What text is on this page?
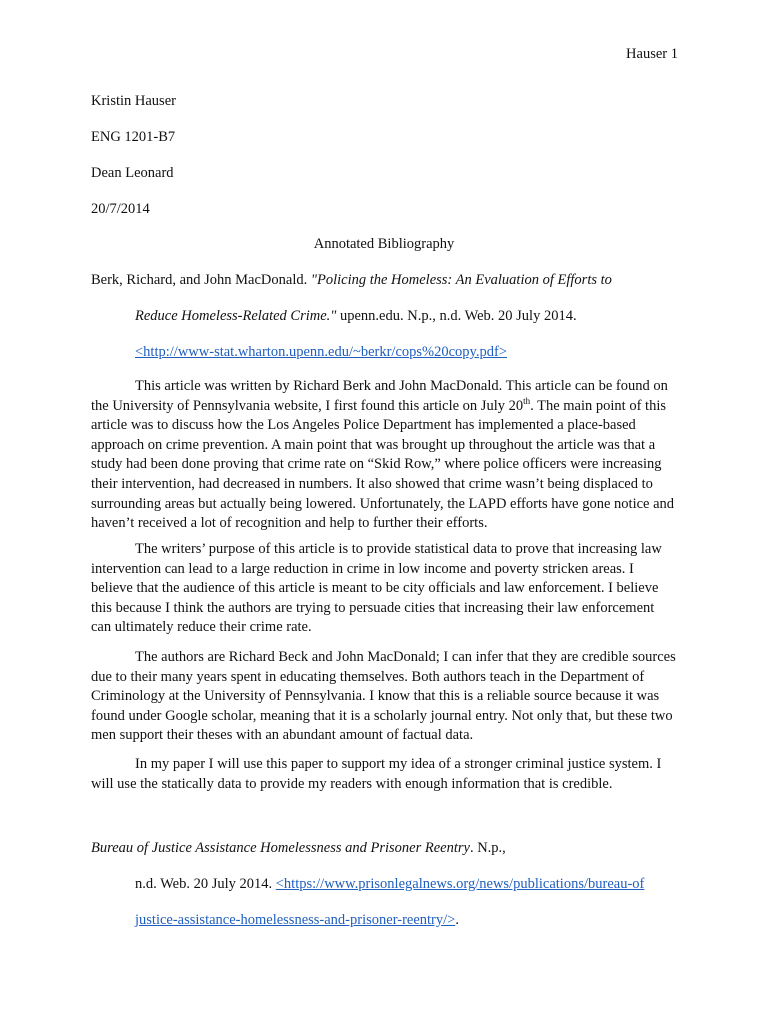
Hauser 1
Kristin Hauser
ENG 1201-B7
Dean Leonard
20/7/2014
Annotated Bibliography
Berk, Richard, and John MacDonald. "Policing the Homeless: An Evaluation of Efforts to
Reduce Homeless-Related Crime." upenn.edu. N.p., n.d. Web. 20 July 2014.
<http://www-stat.wharton.upenn.edu/~berkr/cops%20copy.pdf>
This article was written by Richard Berk and John MacDonald. This article can be found on the University of Pennsylvania website, I first found this article on July 20th. The main point of this article was to discuss how the Los Angeles Police Department has implemented a place-based approach on crime prevention. A main point that was brought up throughout the article was that a study had been done proving that crime rate on “Skid Row,” where police officers were increasing their intervention, had decreased in numbers. It also showed that crime wasn’t being displaced to surrounding areas but actually being lowered. Unfortunately, the LAPD efforts have gone notice and haven’t received a lot of recognition and help to further their efforts.
The writers’ purpose of this article is to provide statistical data to prove that increasing law intervention can lead to a large reduction in crime in low income and poverty stricken areas. I believe that the audience of this article is meant to be city officials and law enforcement. I believe this because I think the authors are trying to persuade cities that increasing their law enforcement can ultimately reduce their crime rate.
The authors are Richard Beck and John MacDonald; I can infer that they are credible sources due to their many years spent in educating themselves. Both authors teach in the Department of Criminology at the University of Pennsylvania. I know that this is a reliable source because it was found under Google scholar, meaning that it is a scholarly journal entry. Not only that, but these two men support their theses with an abundant amount of factual data.
In my paper I will use this paper to support my idea of a stronger criminal justice system. I will use the statically data to provide my readers with enough information that is credible.
Bureau of Justice Assistance Homelessness and Prisoner Reentry. N.p.,
n.d. Web. 20 July 2014. <https://www.prisonlegalnews.org/news/publications/bureau-of
justice-assistance-homelessness-and-prisoner-reentry/>.
